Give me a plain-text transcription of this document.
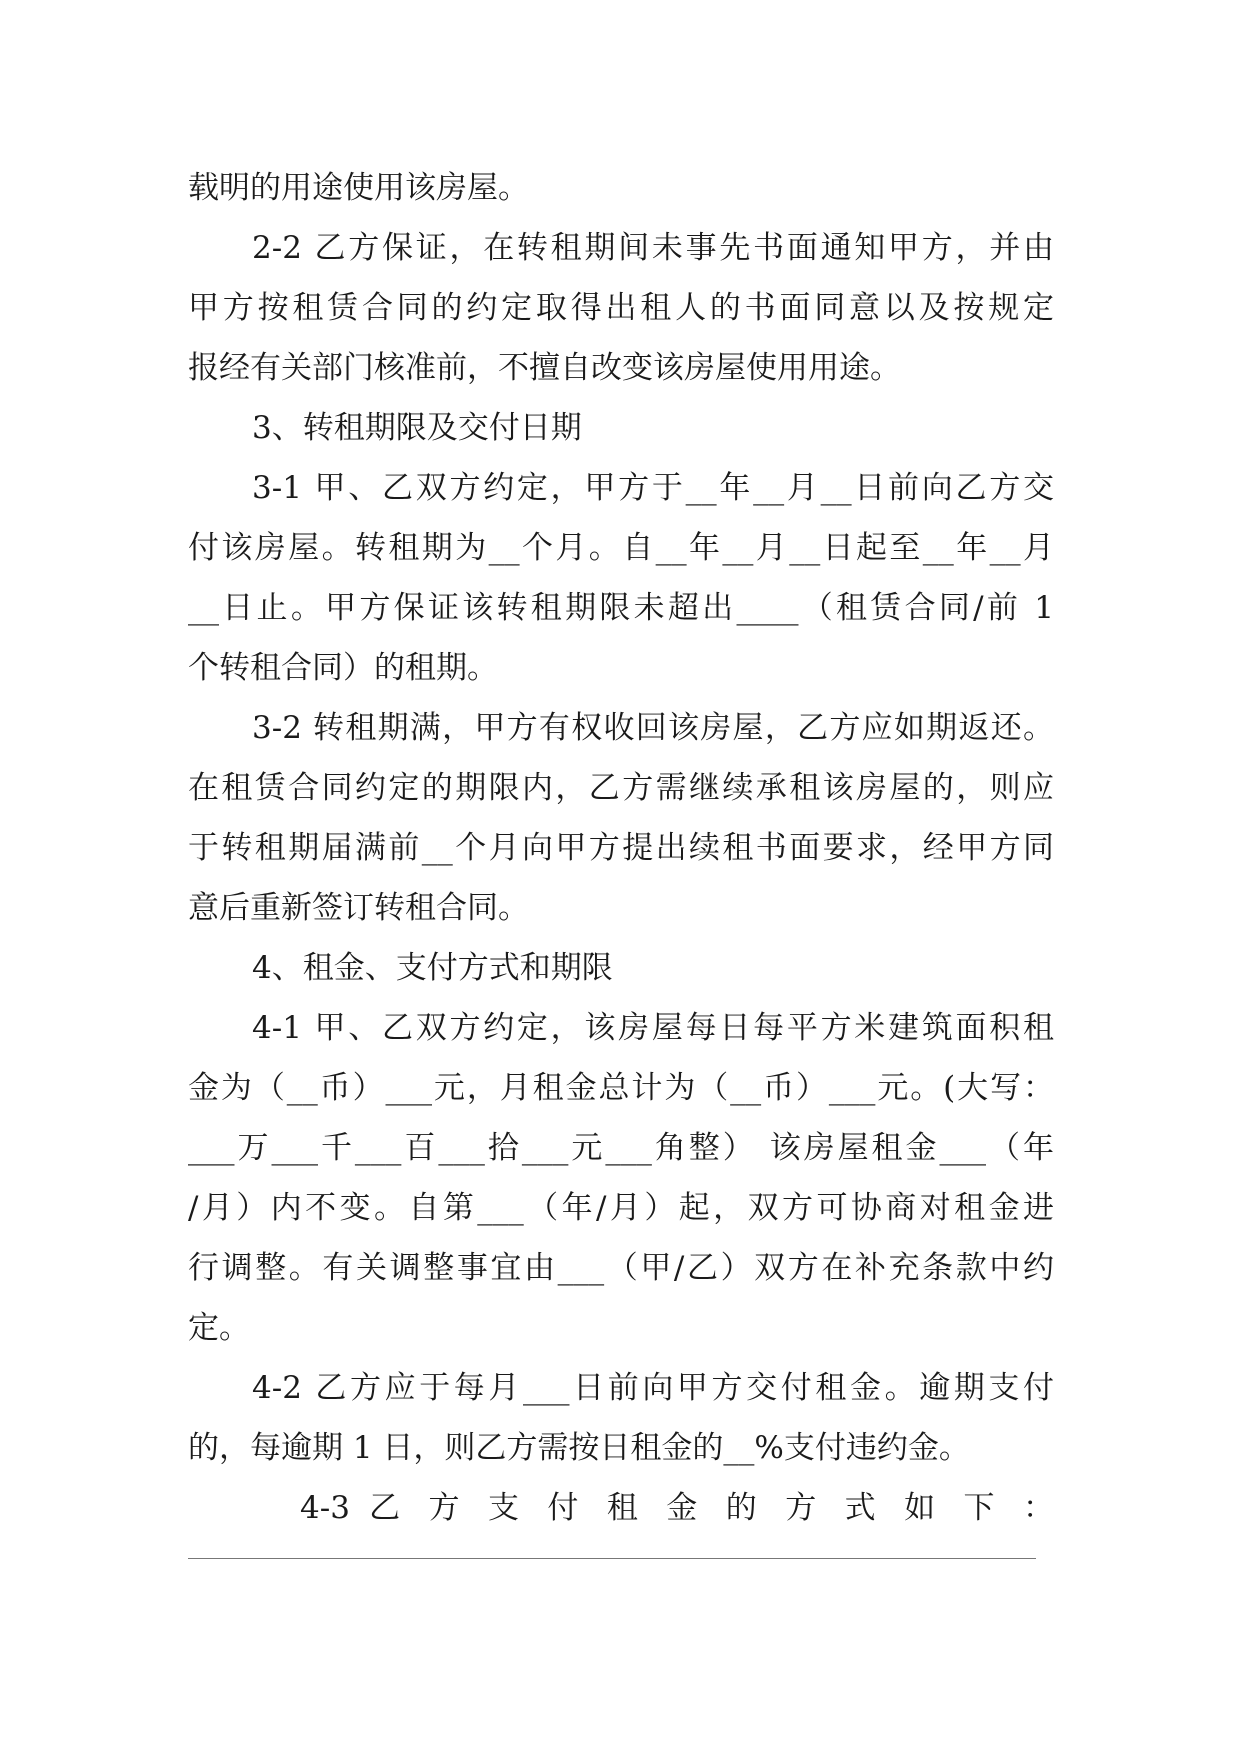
载明的用途使用该房屋。
2-2 乙方保证，在转租期间未事先书面通知甲方，并由
甲方按租赁合同的约定取得出租人的书面同意以及按规定
报经有关部门核准前，不擅自改变该房屋使用用途。
3、转租期限及交付日期
3-1 甲、乙双方约定，甲方于__年__月__日前向乙方交
付该房屋。转租期为__个月。自__年__月__日起至__年__月
__日止。甲方保证该转租期限未超出____（租赁合同/前 1
个转租合同）的租期。
3-2 转租期满，甲方有权收回该房屋，乙方应如期返还。
在租赁合同约定的期限内，乙方需继续承租该房屋的，则应
于转租期届满前__个月向甲方提出续租书面要求，经甲方同
意后重新签订转租合同。
4、租金、支付方式和期限
4-1 甲、乙双方约定，该房屋每日每平方米建筑面积租
金为（__币）___元，月租金总计为（__币）___元。(大写：
___万___千___百___拾___元___角整） 该房屋租金___（年
/月）内不变。自第___（年/月）起，双方可协商对租金进
行调整。有关调整事宜由___（甲/乙）双方在补充条款中约
定。
4-2 乙方应于每月___日前向甲方交付租金。逾期支付
的，每逾期 1 日，则乙方需按日租金的__%支付违约金。
4-3 乙 方 支 付 租 金 的 方 式 如 下 ：
